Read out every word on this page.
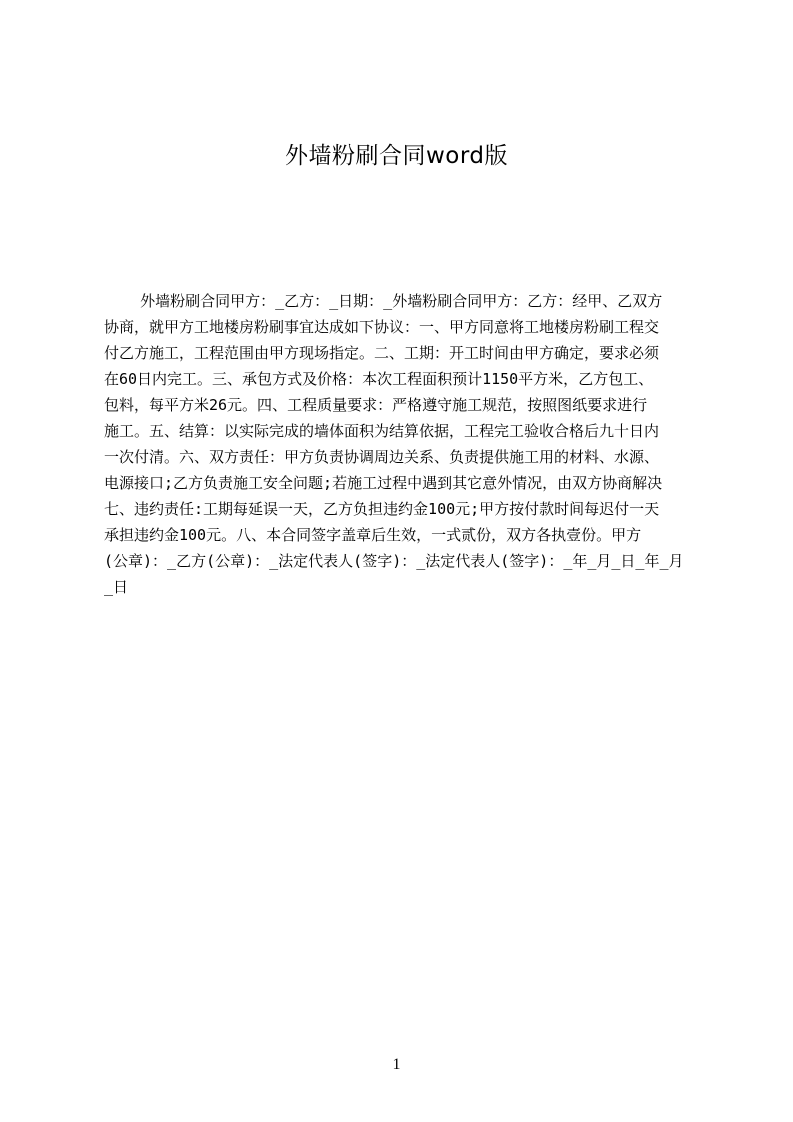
外墙粉刷合同word版
外墙粉刷合同甲方：_乙方：_日期：_外墙粉刷合同甲方：乙方：经甲、乙双方
协商，就甲方工地楼房粉刷事宜达成如下协议：一、甲方同意将工地楼房粉刷工程交
付乙方施工，工程范围由甲方现场指定。二、工期：开工时间由甲方确定，要求必须
在60日内完工。三、承包方式及价格：本次工程面积预计1150平方米，乙方包工、
包料，每平方米26元。四、工程质量要求：严格遵守施工规范，按照图纸要求进行
施工。五、结算：以实际完成的墙体面积为结算依据，工程完工验收合格后九十日内
一次付清。六、双方责任：甲方负责协调周边关系、负责提供施工用的材料、水源、
电源接口;乙方负责施工安全问题;若施工过程中遇到其它意外情况，由双方协商解决
七、违约责任:工期每延误一天，乙方负担违约金100元;甲方按付款时间每迟付一天
承担违约金100元。八、本合同签字盖章后生效，一式贰份，双方各执壹份。甲方
(公章)：_乙方(公章)：_法定代表人(签字)：_法定代表人(签字)：_年_月_日_年_月
_日
1
